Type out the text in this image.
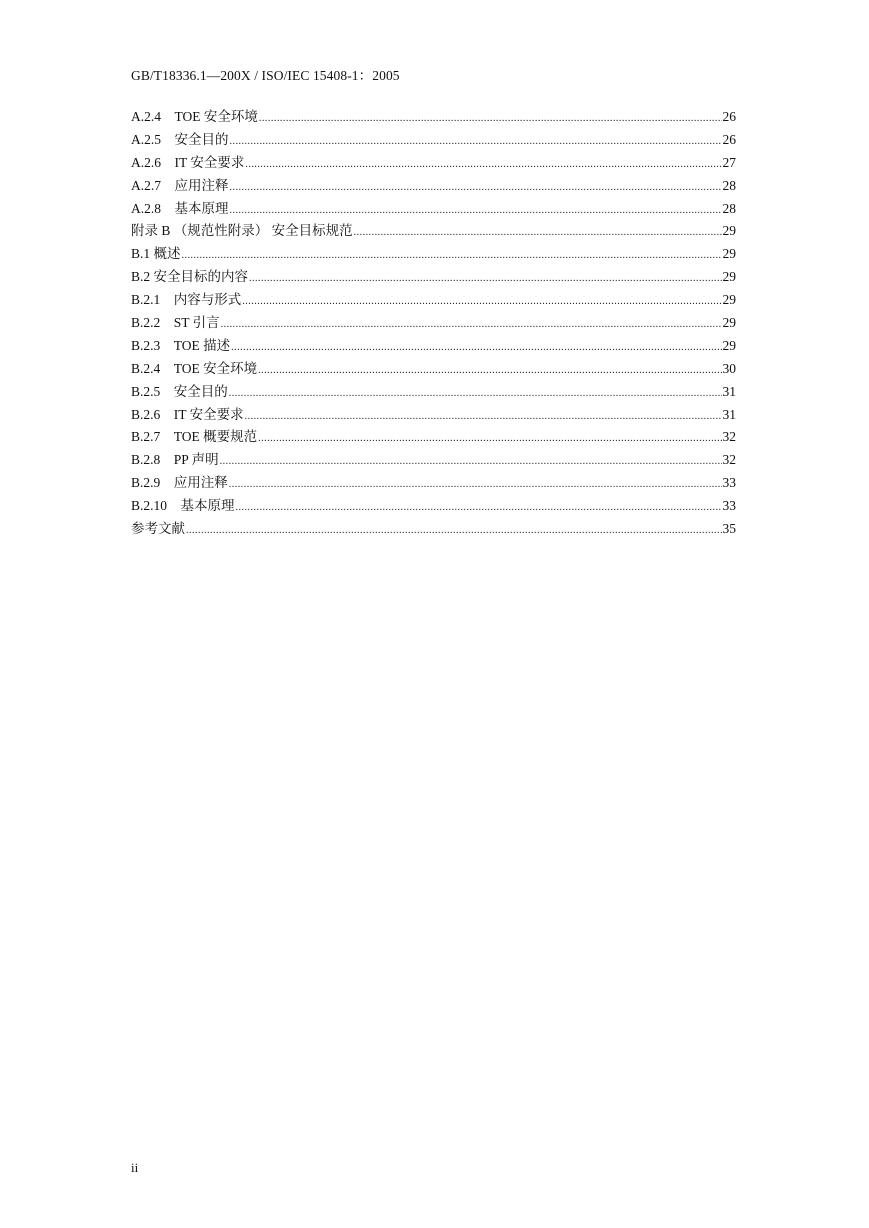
GB/T18336.1—200X / ISO/IEC 15408-1：2005
A.2.4　TOE 安全环境 .....	26
A.2.5　安全目的 .....	26
A.2.6　IT 安全要求 .....	27
A.2.7　应用注释 .....	28
A.2.8　基本原理 .....	28
附录 B （规范性附录） 安全目标规范 .....	29
B.1 概述 .....	29
B.2 安全目标的内容 .....	29
B.2.1　内容与形式 .....	29
B.2.2　ST 引言 .....	29
B.2.3　TOE 描述 .....	29
B.2.4　TOE 安全环境 .....	30
B.2.5　安全目的 .....	31
B.2.6　IT 安全要求 .....	31
B.2.7　TOE 概要规范 .....	32
B.2.8　PP 声明 .....	32
B.2.9　应用注释 .....	33
B.2.10　基本原理 .....	33
参考文献 .....	35
ii
